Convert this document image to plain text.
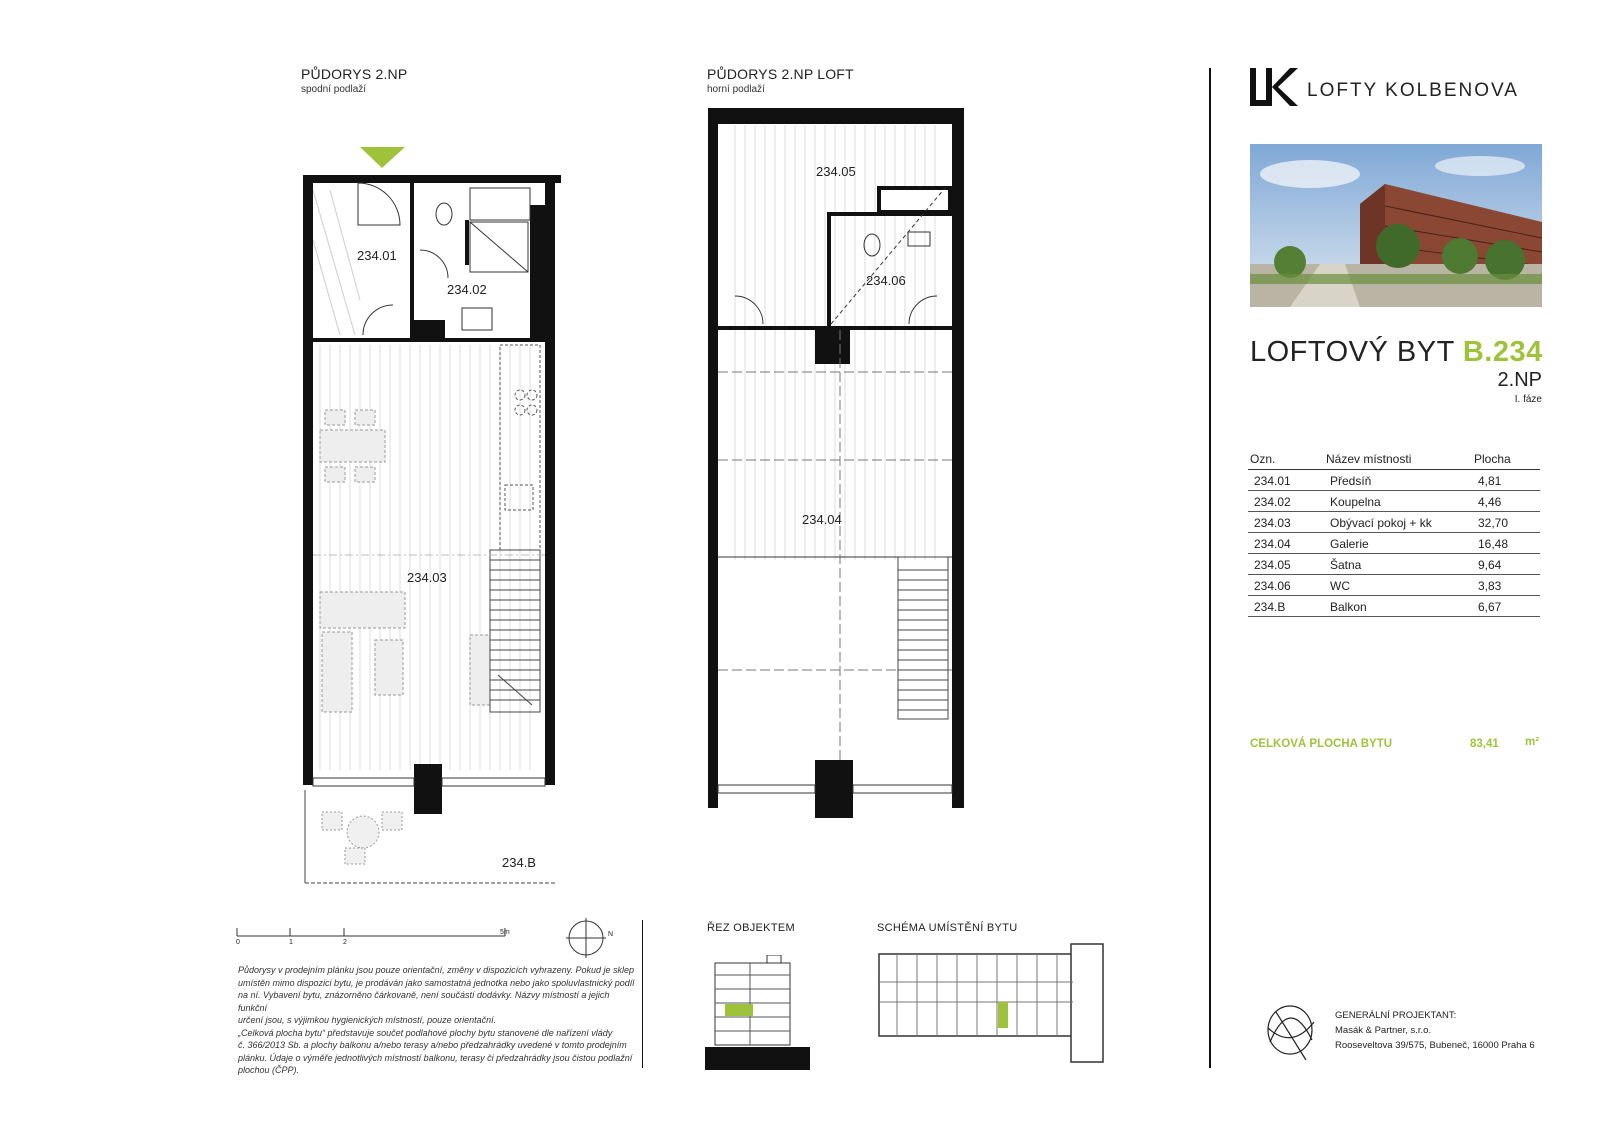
PŮDORYS 2.NP
spodní podlaží
234.01
234.02
234.03
234.B
PŮDORYS 2.NP LOFT
horní podlaží
234.05
234.06
234.04
0	1	2
5m	N
Půdorysy v prodejním plánku jsou pouze orientační, změny v dispozicích vyhrazeny. Pokud je sklep
umístěn mimo dispozici bytu, je prodáván jako samostatná jednotka nebo jako spoluvlastnický podíl
na ní. Vybavení bytu, znázorněno čárkovaně, není součástí dodávky. Názvy místností a jejich funkční
určení jsou, s výjimkou hygienických místností, pouze orientační.
„Celková plocha bytu“ představuje součet podlahové plochy bytu stanovené dle nařízení vlády
č. 366/2013 Sb. a plochy balkonu a/nebo terasy a/nebo předzahrádky uvedené v tomto prodejním
plánku. Údaje o výměře jednotlivých místností balkonu, terasy či předzahrádky jsou čistou podlažní
plochou (ČPP).
ŘEZ OBJEKTEM	SCHÉMA UMÍSTĚNÍ BYTU
LOFTY KOLBENOVA
LOFTOVÝ BYT B.234
2.NP
I. fáze
Ozn.	Název místnosti	Plocha
234.01	Předsíň	4,81
234.02	Koupelna	4,46
234.03	Obývací pokoj + kk	32,70
234.04	Galerie	16,48
234.05	Šatna	9,64
234.06	WC	3,83
234.B	Balkon	6,67
CELKOVÁ PLOCHA BYTU	83,41 m²
GENERÁLNÍ PROJEKTANT:
Masák & Partner, s.r.o.
Rooseveltova 39/575, Bubeneč, 16000 Praha 6
